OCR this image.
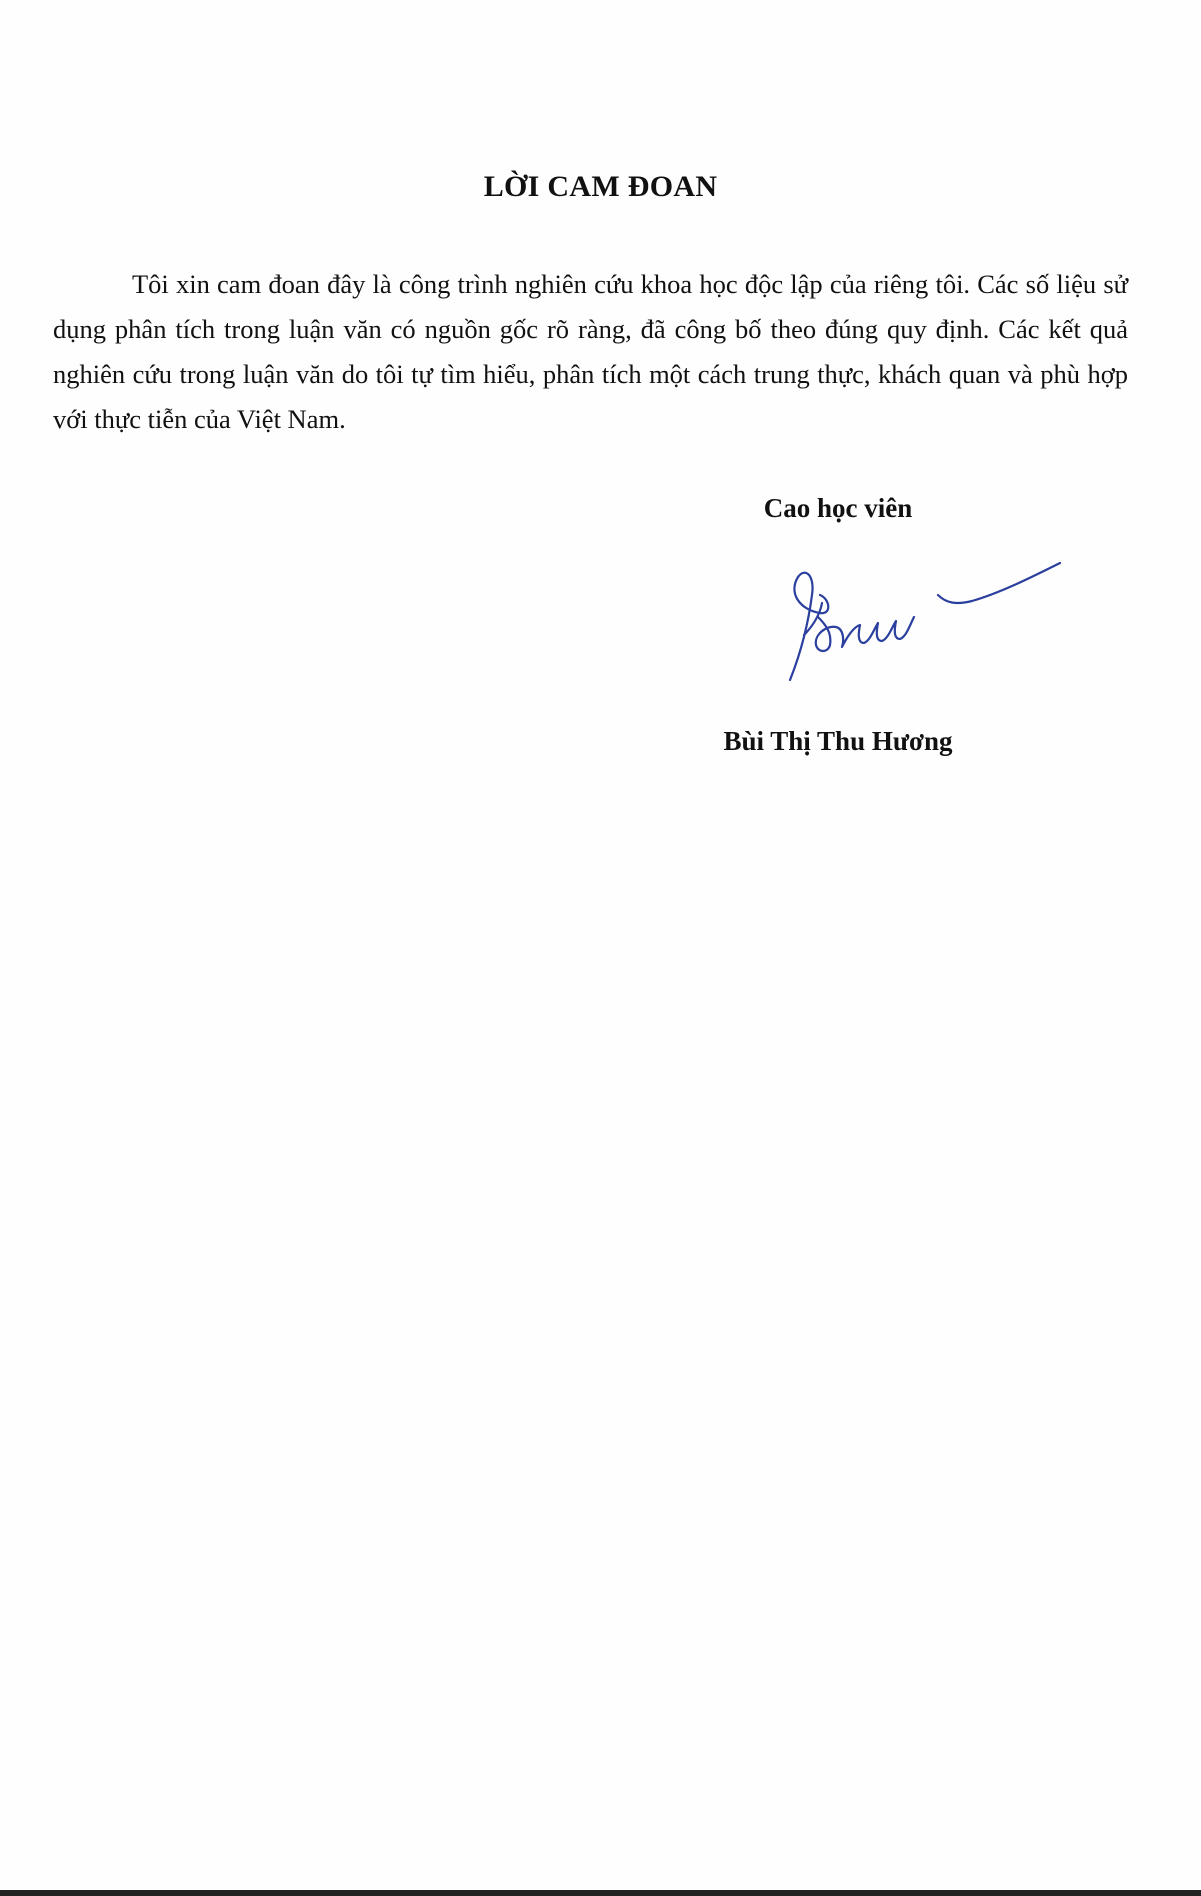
LỜI CAM ĐOAN

Tôi xin cam đoan đây là công trình nghiên cứu khoa học độc lập của riêng tôi. Các số liệu sử dụng phân tích trong luận văn có nguồn gốc rõ ràng, đã công bố theo đúng quy định. Các kết quả nghiên cứu trong luận văn do tôi tự tìm hiểu, phân tích một cách trung thực, khách quan và phù hợp với thực tiễn của Việt Nam.

Cao học viên
Bùi Thị Thu Hương
